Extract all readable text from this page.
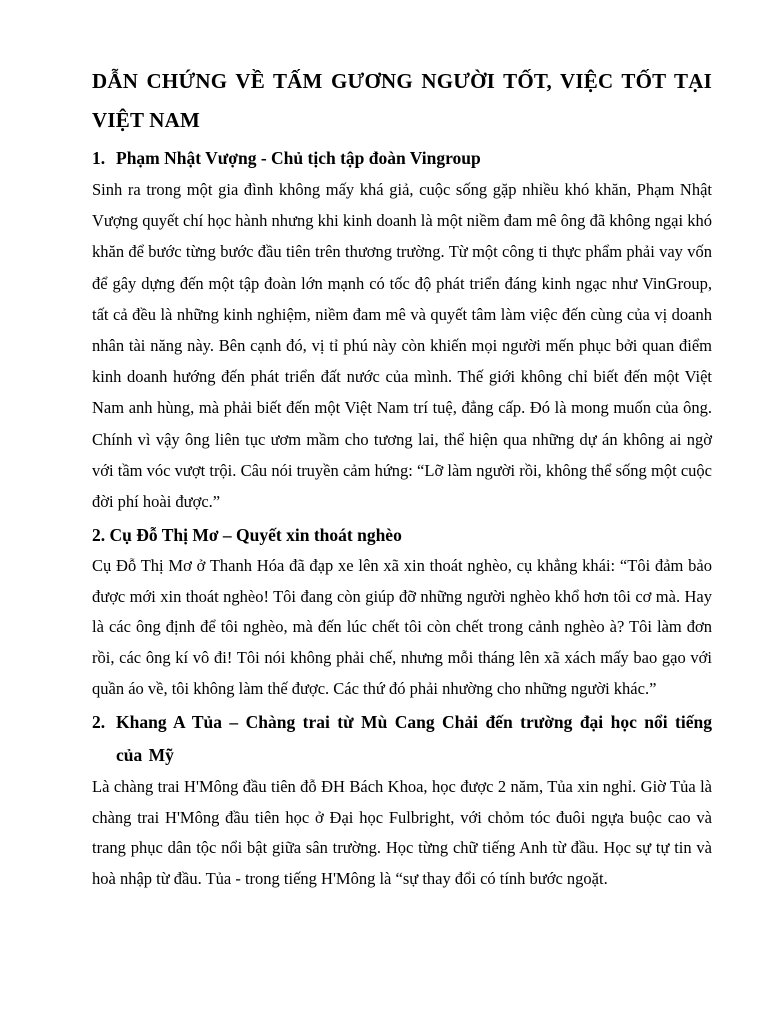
DẪN CHỨNG VỀ TẤM GƯƠNG NGƯỜI TỐT, VIỆC TỐT TẠI VIỆT NAM
1. Phạm Nhật Vượng - Chủ tịch tập đoàn Vingroup

Sinh ra trong một gia đình không mấy khá giả, cuộc sống gặp nhiều khó khăn, Phạm Nhật Vượng quyết chí học hành nhưng khi kinh doanh là một niềm đam mê ông đã không ngại khó khăn để bước từng bước đầu tiên trên thương trường. Từ một công ti thực phẩm phải vay vốn để gây dựng đến một tập đoàn lớn mạnh có tốc độ phát triển đáng kinh ngạc như VinGroup, tất cả đều là những kinh nghiệm, niềm đam mê và quyết tâm làm việc đến cùng của vị doanh nhân tài năng này. Bên cạnh đó, vị tỉ phú này còn khiến mọi người mến phục bởi quan điểm kinh doanh hướng đến phát triển đất nước của mình. Thế giới không chỉ biết đến một Việt Nam anh hùng, mà phải biết đến một Việt Nam trí tuệ, đẳng cấp. Đó là mong muốn của ông. Chính vì vậy ông liên tục ươm mầm cho tương lai, thể hiện qua những dự án không ai ngờ với tầm vóc vượt trội. Câu nói truyền cảm hứng: “Lỡ làm người rồi, không thể sống một cuộc đời phí hoài được.”

2. Cụ Đỗ Thị Mơ – Quyết xin thoát nghèo

Cụ Đỗ Thị Mơ ở Thanh Hóa đã đạp xe lên xã xin thoát nghèo, cụ khẳng khái: “Tôi đảm bảo được mới xin thoát nghèo! Tôi đang còn giúp đỡ những người nghèo khổ hơn tôi cơ mà. Hay là các ông định để tôi nghèo, mà đến lúc chết tôi còn chết trong cảnh nghèo à? Tôi làm đơn rồi, các ông kí vô đi! Tôi nói không phải chế, nhưng mỗi tháng lên xã xách mấy bao gạo với quần áo về, tôi không làm thế được. Các thứ đó phải nhường cho những người khác.”

2. Khang A Tủa – Chàng trai từ Mù Cang Chải đến trường đại học nổi tiếng của Mỹ

Là chàng trai H'Mông đầu tiên đỗ ĐH Bách Khoa, học được 2 năm, Tủa xin nghỉ. Giờ Tủa là chàng trai H'Mông đầu tiên học ở Đại học Fulbright, với chỏm tóc đuôi ngựa buộc cao và trang phục dân tộc nổi bật giữa sân trường. Học từng chữ tiếng Anh từ đầu. Học sự tự tin và hoà nhập từ đầu. Tủa - trong tiếng H'Mông là “sự thay đổi có tính bước ngoặt.
